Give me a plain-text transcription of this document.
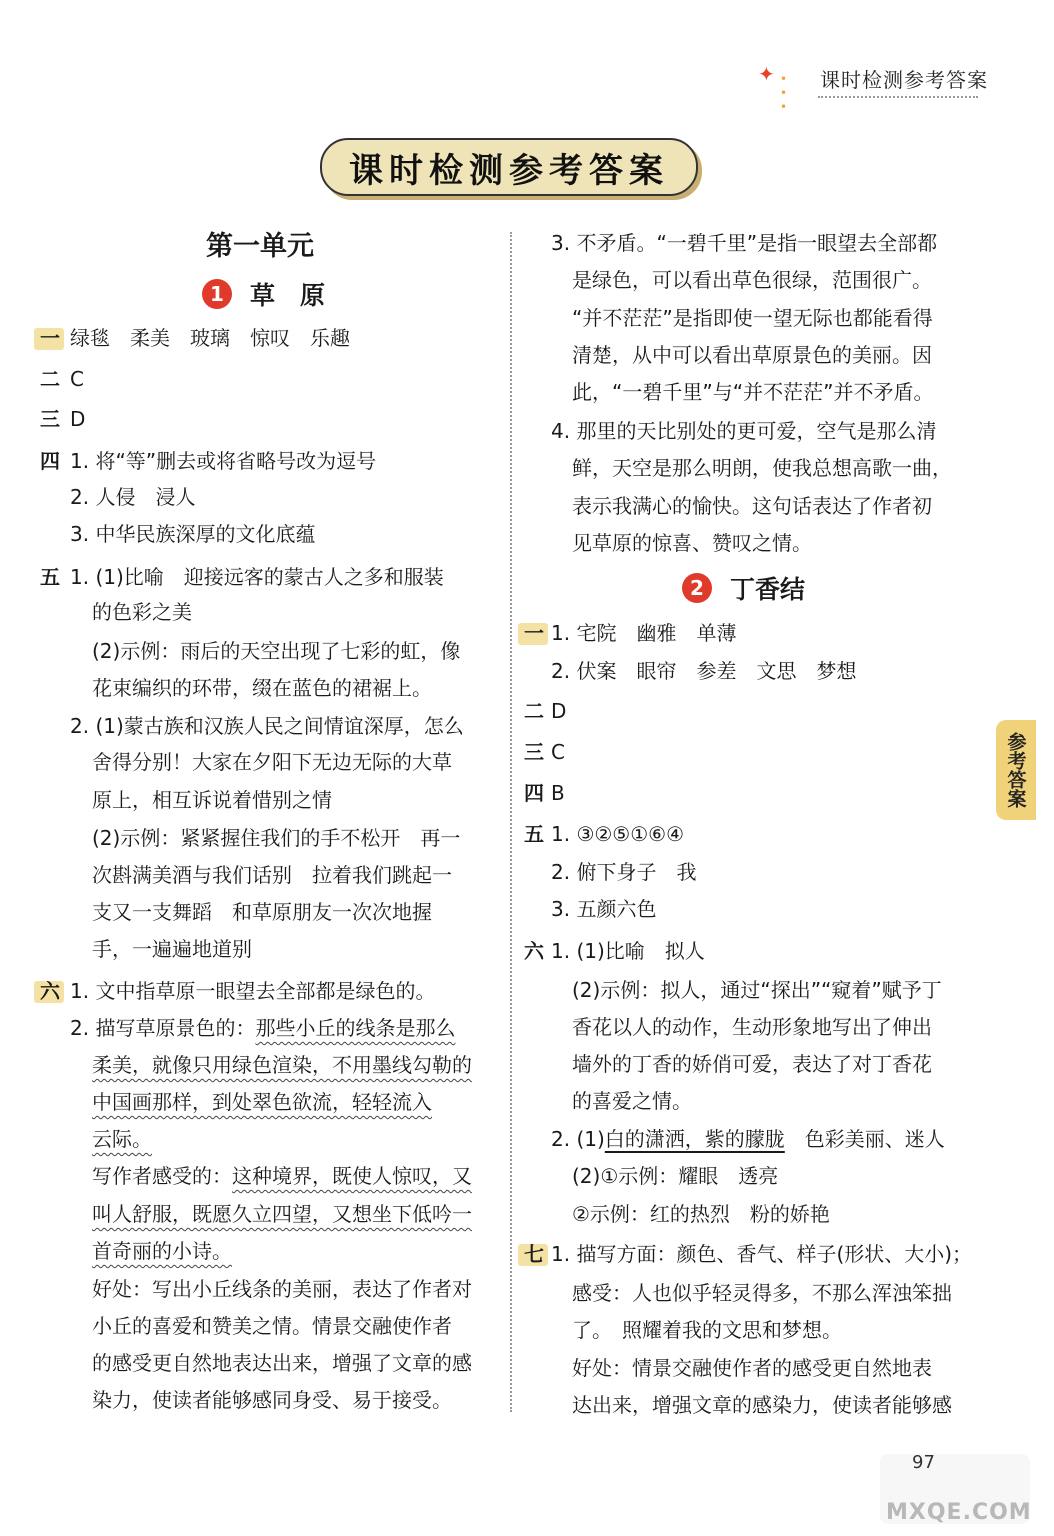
✦ • • •
课时检测参考答案
课时检测参考答案
第一单元
1	草　原
一 绿毯　柔美　玻璃　惊叹　乐趣
二 C
三 D
四 1. 将“等”删去或将省略号改为逗号
2. 人侵　浸人
3. 中华民族深厚的文化底蕴
五 1. (1)比喻　迎接远客的蒙古人之多和服装
的色彩之美
(2)示例：雨后的天空出现了七彩的虹，像
花束编织的环带，缀在蓝色的裙裾上。
2. (1)蒙古族和汉族人民之间情谊深厚，怎么
舍得分别！大家在夕阳下无边无际的大草
原上，相互诉说着惜别之情
(2)示例：紧紧握住我们的手不松开　再一
次斟满美酒与我们话别　拉着我们跳起一
支又一支舞蹈　和草原朋友一次次地握
手，一遍遍地道别
六 1. 文中指草原一眼望去全部都是绿色的。
2. 描写草原景色的：那些小丘的线条是那么
柔美，就像只用绿色渲染，不用墨线勾勒的
中国画那样，到处翠色欲流，轻轻流入
云际。
写作者感受的：这种境界，既使人惊叹，又
叫人舒服，既愿久立四望，又想坐下低吟一
首奇丽的小诗。
好处：写出小丘线条的美丽，表达了作者对
小丘的喜爱和赞美之情。情景交融使作者
的感受更自然地表达出来，增强了文章的感
染力，使读者能够感同身受、易于接受。
3. 不矛盾。“一碧千里”是指一眼望去全部都
是绿色，可以看出草色很绿，范围很广。
“并不茫茫”是指即使一望无际也都能看得
清楚，从中可以看出草原景色的美丽。因
此，“一碧千里”与“并不茫茫”并不矛盾。
4. 那里的天比别处的更可爱，空气是那么清
鲜，天空是那么明朗，使我总想高歌一曲，
表示我满心的愉快。这句话表达了作者初
见草原的惊喜、赞叹之情。
2	丁香结
一 1. 宅院　幽雅　单薄
2. 伏案　眼帘　参差　文思　梦想
二 D
三 C
四 B
五 1. ③②⑤①⑥④
2. 俯下身子　我
3. 五颜六色
六 1. (1)比喻　拟人
(2)示例：拟人，通过“探出”“窥着”赋予丁
香花以人的动作，生动形象地写出了伸出
墙外的丁香的娇俏可爱，表达了对丁香花
的喜爱之情。
2. (1)白的潇洒，紫的朦胧　色彩美丽、迷人
(2)①示例：耀眼　透亮
②示例：红的热烈　粉的娇艳
七 1. 描写方面：颜色、香气、样子(形状、大小)；
感受：人也似乎轻灵得多，不那么浑浊笨拙
了。　照耀着我的文思和梦想。
好处：情景交融使作者的感受更自然地表
达出来，增强文章的感染力，使读者能够感
参考答案
MXQE.COM
97
